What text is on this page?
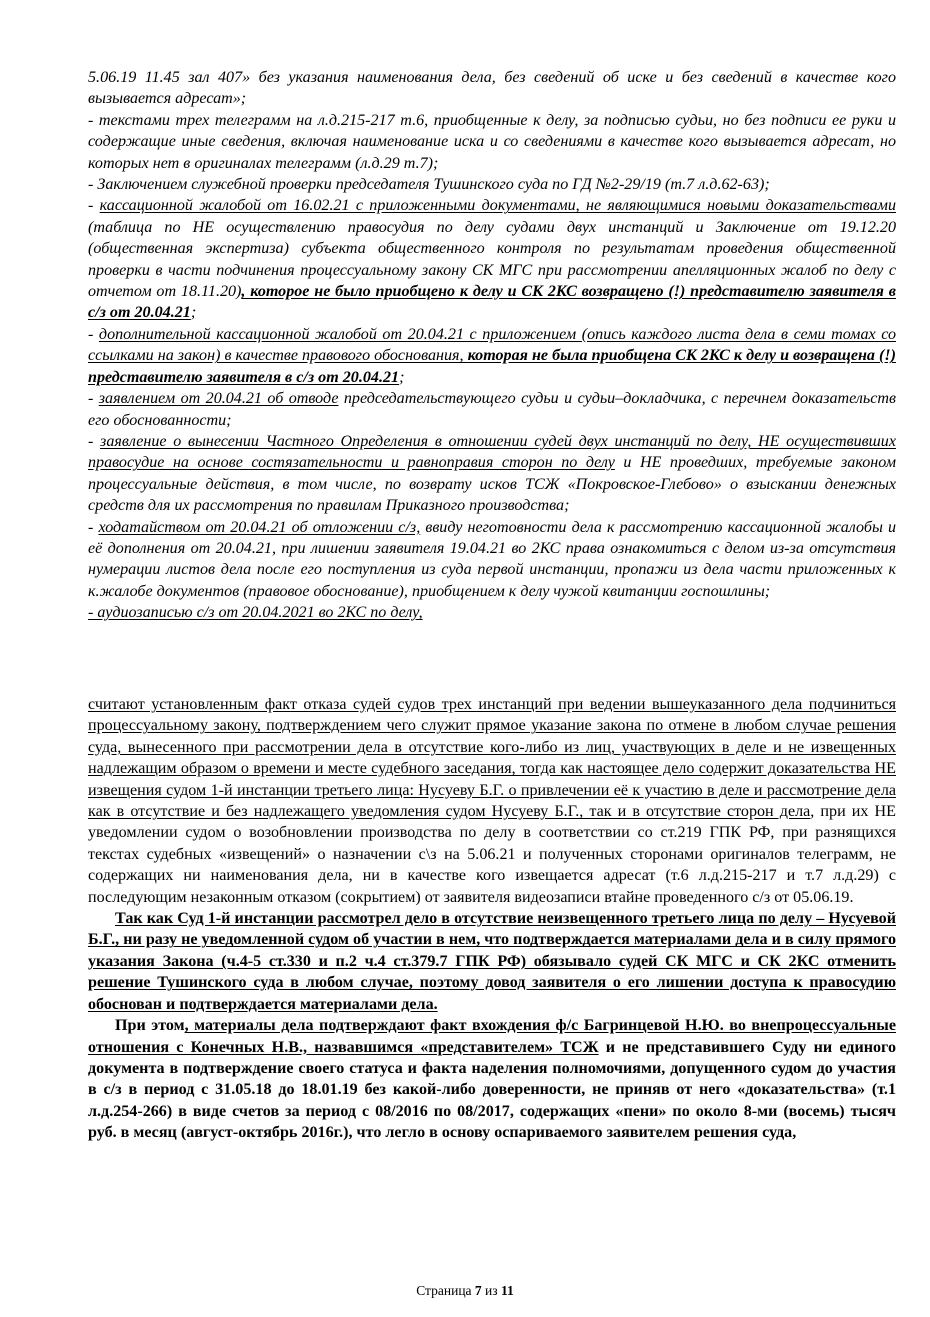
5.06.19 11.45 зал 407» без указания наименования дела, без сведений об иске и без сведений в качестве кого вызывается адресат»;

- текстами трех телеграмм на л.д.215-217 т.6, приобщенные к делу, за подписью судьи, но без подписи ее руки и содержащие иные сведения, включая наименование иска и со сведениями в качестве кого вызывается адресат, но которых нет в оригиналах телеграмм (л.д.29 т.7);

- Заключением служебной проверки председателя Тушинского суда по ГД №2-29/19 (т.7 л.д.62-63);

- кассационной жалобой от 16.02.21 с приложенными документами, не являющимися новыми доказательствами (таблица по НЕ осуществлению правосудия по делу судами двух инстанций и Заключение от 19.12.20 (общественная экспертиза) субъекта общественного контроля по результатам проведения общественной проверки в части подчинения процессуальному закону СК МГС при рассмотрении апелляционных жалоб по делу с отчетом от 18.11.20), которое не было приобщено к делу и СК 2КС возвращено (!) представителю заявителя в с/з от 20.04.21;

- дополнительной кассационной жалобой от 20.04.21 с приложением (опись каждого листа дела в семи томах со ссылками на закон) в качестве правового обоснования, которая не была приобщена СК 2КС к делу и возвращена (!) представителю заявителя в с/з от 20.04.21;

- заявлением от 20.04.21 об отводе председательствующего судьи и судьи–докладчика, с перечнем доказательств его обоснованности;

- заявление о вынесении Частного Определения в отношении судей двух инстанций по делу, НЕ осуществивших правосудие на основе состязательности и равноправия сторон по делу и НЕ проведших, требуемые законом процессуальные действия, в том числе, по возврату исков ТСЖ «Покровское-Глебово» о взыскании денежных средств для их рассмотрения по правилам Приказного производства;

- ходатайством от 20.04.21 об отложении с/з, ввиду неготовности дела к рассмотрению кассационной жалобы и её дополнения от 20.04.21, при лишении заявителя 19.04.21 во 2КС права ознакомиться с делом из-за отсутствия нумерации листов дела после его поступления из суда первой инстанции, пропажи из дела части приложенных к к.жалобе документов (правовое обоснование), приобщением к делу чужой квитанции госпошлины;

- аудиозаписью с/з от 20.04.2021 во 2КС по делу,

считают установленным факт отказа судей судов трех инстанций при ведении вышеуказанного дела подчиниться процессуальному закону, подтверждением чего служит прямое указание закона по отмене в любом случае решения суда, вынесенного при рассмотрении дела в отсутствие кого-либо из лиц, участвующих в деле и не извещенных надлежащим образом о времени и месте судебного заседания, тогда как настоящее дело содержит доказательства НЕ извещения судом 1-й инстанции третьего лица: Нусуеву Б.Г. о привлечении её к участию в деле и рассмотрение дела как в отсутствие и без надлежащего уведомления судом Нусуеву Б.Г., так и в отсутствие сторон дела, при их НЕ уведомлении судом о возобновлении производства по делу в соответствии со ст.219 ГПК РФ, при разнящихся текстах судебных «извещений» о назначении с\з на 5.06.21 и полученных сторонами оригиналов телеграмм, не содержащих ни наименования дела, ни в качестве кого извещается адресат (т.6 л.д.215-217 и т.7 л.д.29) с последующим незаконным отказом (сокрытием) от заявителя видеозаписи втайне проведенного с/з от 05.06.19.

Так как Суд 1-й инстанции рассмотрел дело в отсутствие неизвещенного третьего лица по делу – Нусуевой Б.Г., ни разу не уведомленной судом об участии в нем, что подтверждается материалами дела и в силу прямого указания Закона (ч.4-5 ст.330 и п.2 ч.4 ст.379.7 ГПК РФ) обязывало судей СК МГС и СК 2КС отменить решение Тушинского суда в любом случае, поэтому довод заявителя о его лишении доступа к правосудию обоснован и подтверждается материалами дела.

При этом, материалы дела подтверждают факт вхождения ф/с Багринцевой Н.Ю. во внепроцессуальные отношения с Конечных Н.В., назвавшимся «представителем» ТСЖ и не представившего Суду ни единого документа в подтверждение своего статуса и факта наделения полномочиями, допущенного судом до участия в с/з в период с 31.05.18 до 18.01.19 без какой-либо доверенности, не приняв от него «доказательства» (т.1 л.д.254-266) в виде счетов за период с 08/2016 по 08/2017, содержащих «пени» по около 8-ми (восемь) тысяч руб. в месяц (август-октябрь 2016г.), что легло в основу оспариваемого заявителем решения суда,

Страница 7 из 11
